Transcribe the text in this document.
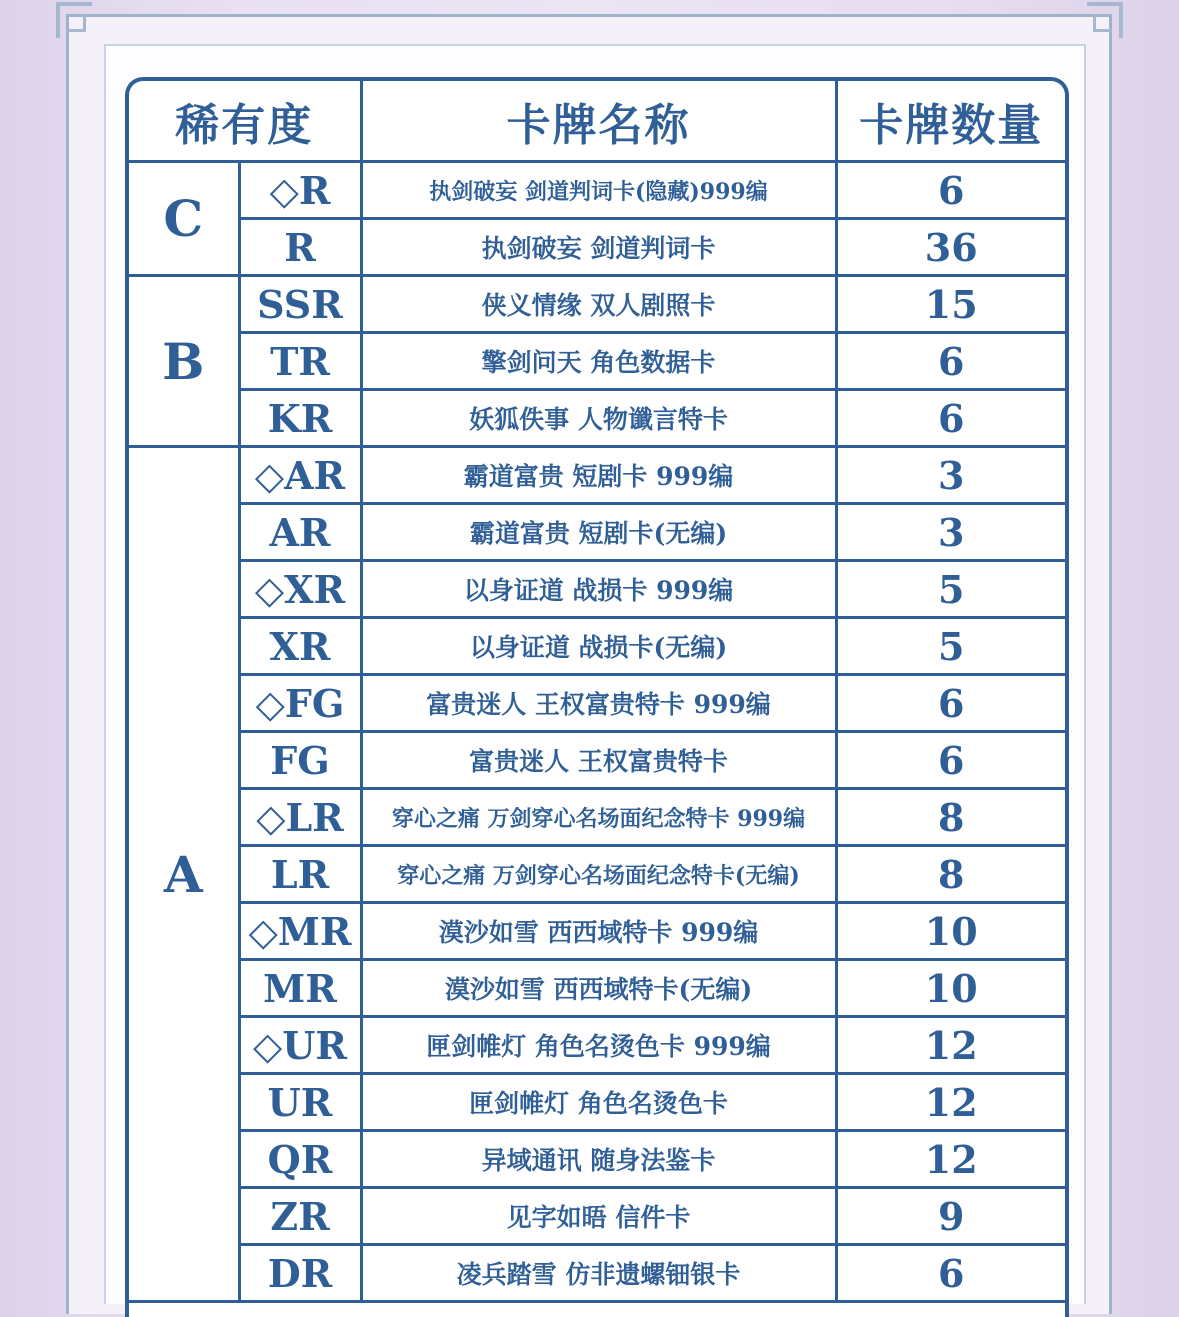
稀有度		卡牌名称	卡牌数量
C	◇R	执剑破妄 剑道判词卡(隐藏)999编	6
	R	执剑破妄 剑道判词卡	36
B	SSR	侠义情缘 双人剧照卡	15
	TR	擎剑问天 角色数据卡	6
	KR	妖狐佚事 人物谶言特卡	6
A	◇AR	霸道富贵 短剧卡 999编	3
	AR	霸道富贵 短剧卡(无编)	3
	◇XR	以身证道 战损卡 999编	5
	XR	以身证道 战损卡(无编)	5
	◇FG	富贵迷人 王权富贵特卡 999编	6
	FG	富贵迷人 王权富贵特卡	6
	◇LR	穿心之痛 万剑穿心名场面纪念特卡 999编	8
	LR	穿心之痛 万剑穿心名场面纪念特卡(无编)	8
	◇MR	漠沙如雪 西西域特卡 999编	10
	MR	漠沙如雪 西西域特卡(无编)	10
	◇UR	匣剑帷灯 角色名烫色卡 999编	12
	UR	匣剑帷灯 角色名烫色卡	12
	QR	异域通讯 随身法鉴卡	12
	ZR	见字如晤 信件卡	9
	DR	凌兵踏雪 仿非遗螺钿银卡	6
